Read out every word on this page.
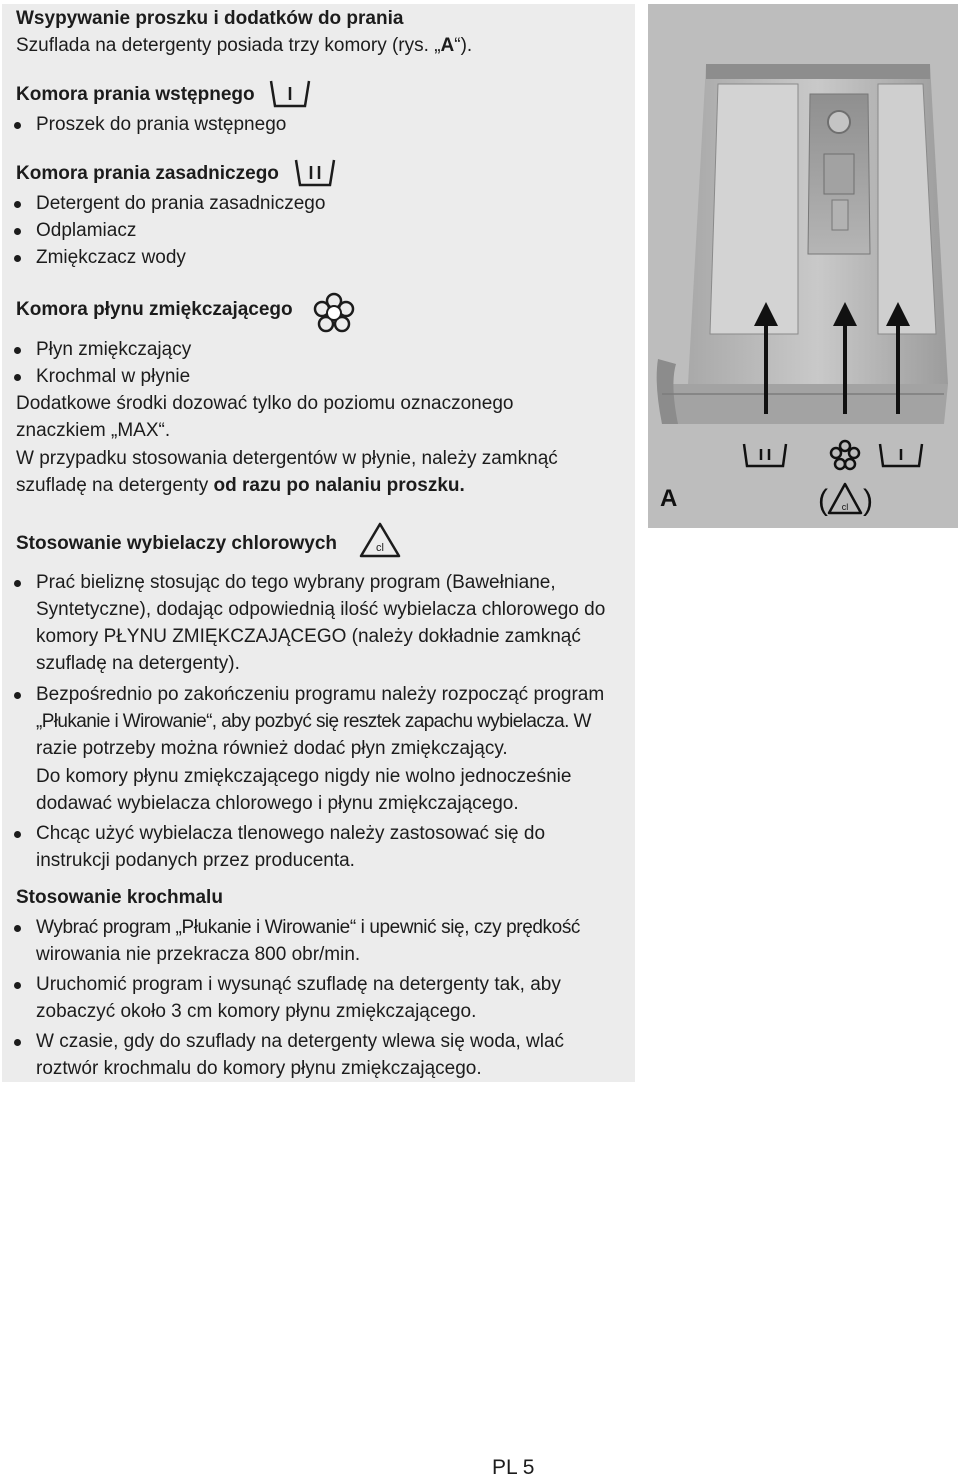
Wsypywanie proszku i dodatków do prania
Szuflada na detergenty posiada trzy komory (rys. „A“).
Komora prania wstępnego
Proszek do prania wstępnego
Komora prania zasadniczego
Detergent do prania zasadniczego
Odplamiacz
Zmiękczacz wody
Komora płynu zmiękczającego
Płyn zmiękczający
Krochmal w płynie
Dodatkowe środki dozować tylko do poziomu oznaczonego
znaczkiem „MAX“.
W przypadku stosowania detergentów w płynie, należy zamknąć
szufladę na detergenty od razu po nalaniu proszku.
Stosowanie wybielaczy chlorowych	cl
Prać bieliznę stosując do tego wybrany program (Bawełniane,
Syntetyczne), dodając odpowiednią ilość wybielacza chlorowego do
komory PŁYNU ZMIĘKCZAJĄCEGO (należy dokładnie zamknąć
szufladę na detergenty).
Bezpośrednio po zakończeniu programu należy rozpocząć program
„Płukanie i Wirowanie“, aby pozbyć się resztek zapachu wybielacza. W
razie potrzeby można również dodać płyn zmiękczający.
Do komory płynu zmiękczającego nigdy nie wolno jednocześnie
dodawać wybielacza chlorowego i płynu zmiękczającego.
Chcąc użyć wybielacza tlenowego należy zastosować się do
instrukcji podanych przez producenta.
Stosowanie krochmalu
Wybrać program „Płukanie i Wirowanie“ i upewnić się, czy prędkość
wirowania nie przekracza 800 obr/min.
Uruchomić program i wysunąć szufladę na detergenty tak, aby
zobaczyć około 3 cm komory płynu zmiękczającego.
W czasie, gdy do szuflady na detergenty wlewa się woda, wlać
roztwór krochmalu do komory płynu zmiękczającego.
( cl )
A
PL 5
